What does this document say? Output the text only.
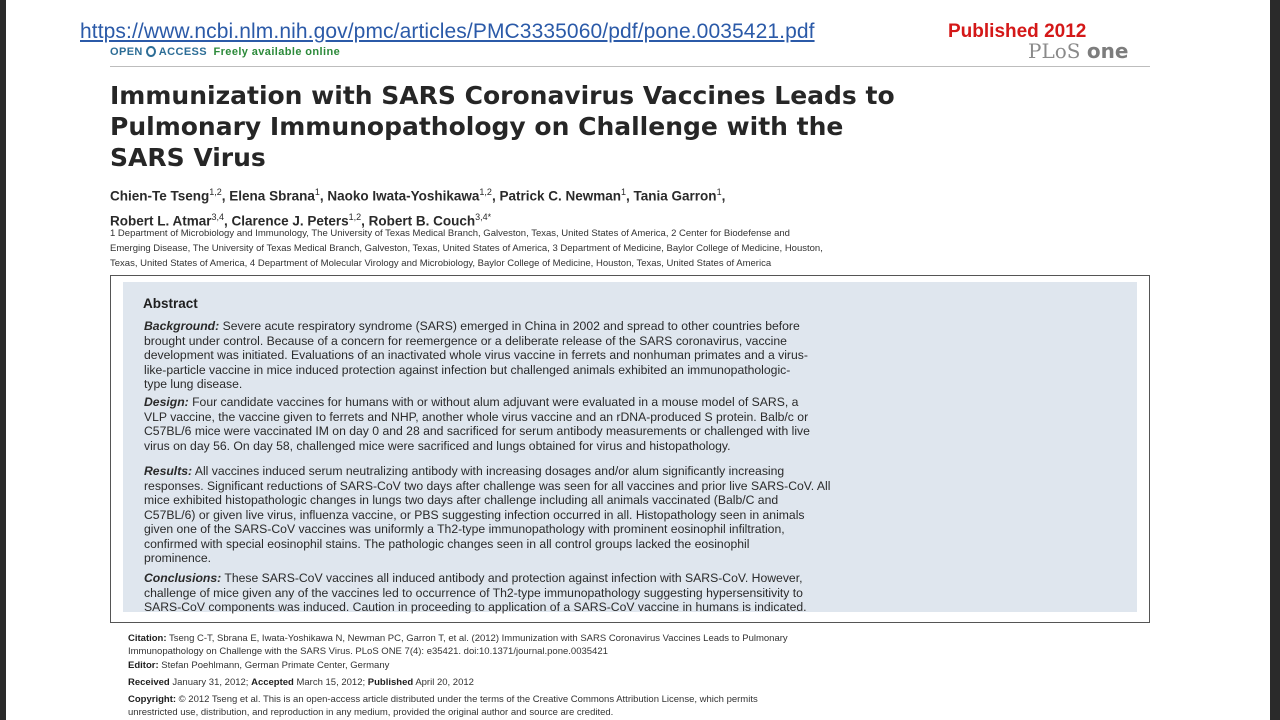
https://www.ncbi.nlm.nih.gov/pmc/articles/PMC3335060/pdf/pone.0035421.pdf	Published 2012
PLoS one
OPEN ACCESS Freely available online
Immunization with SARS Coronavirus Vaccines Leads to
Pulmonary Immunopathology on Challenge with the
SARS Virus
Chien-Te Tseng$^{1,2}$, Elena Sbrana$^1$, Naoko Iwata-Yoshikawa$^{1,2}$, Patrick C. Newman$^1$, Tania Garron$^1$,
Robert L. Atmar$^{3,4}$, Clarence J. Peters$^{1,2}$, Robert B. Couch$^{3,4*}$
1 Department of Microbiology and Immunology, The University of Texas Medical Branch, Galveston, Texas, United States of America, 2 Center for Biodefense and
Emerging Disease, The University of Texas Medical Branch, Galveston, Texas, United States of America, 3 Department of Medicine, Baylor College of Medicine, Houston,
Texas, United States of America, 4 Department of Molecular Virology and Microbiology, Baylor College of Medicine, Houston, Texas, United States of America
Abstract
Background: Severe acute respiratory syndrome (SARS) emerged in China in 2002 and spread to other countries before
brought under control. Because of a concern for reemergence or a deliberate release of the SARS coronavirus, vaccine
development was initiated. Evaluations of an inactivated whole virus vaccine in ferrets and nonhuman primates and a virus-
like-particle vaccine in mice induced protection against infection but challenged animals exhibited an immunopathologic-
type lung disease.
Design: Four candidate vaccines for humans with or without alum adjuvant were evaluated in a mouse model of SARS, a
VLP vaccine, the vaccine given to ferrets and NHP, another whole virus vaccine and an rDNA-produced S protein. Balb/c or
C57BL/6 mice were vaccinated IM on day 0 and 28 and sacrificed for serum antibody measurements or challenged with live
virus on day 56. On day 58, challenged mice were sacrificed and lungs obtained for virus and histopathology.
Results: All vaccines induced serum neutralizing antibody with increasing dosages and/or alum significantly increasing
responses. Significant reductions of SARS-CoV two days after challenge was seen for all vaccines and prior live SARS-CoV. All
mice exhibited histopathologic changes in lungs two days after challenge including all animals vaccinated (Balb/C and
C57BL/6) or given live virus, influenza vaccine, or PBS suggesting infection occurred in all. Histopathology seen in animals
given one of the SARS-CoV vaccines was uniformly a Th2-type immunopathology with prominent eosinophil infiltration,
confirmed with special eosinophil stains. The pathologic changes seen in all control groups lacked the eosinophil
prominence.
Conclusions: These SARS-CoV vaccines all induced antibody and protection against infection with SARS-CoV. However,
challenge of mice given any of the vaccines led to occurrence of Th2-type immunopathology suggesting hypersensitivity to
SARS-CoV components was induced. Caution in proceeding to application of a SARS-CoV vaccine in humans is indicated.
Citation: Tseng C-T, Sbrana E, Iwata-Yoshikawa N, Newman PC, Garron T, et al. (2012) Immunization with SARS Coronavirus Vaccines Leads to Pulmonary
Immunopathology on Challenge with the SARS Virus. PLoS ONE 7(4): e35421. doi:10.1371/journal.pone.0035421
Editor: Stefan Poehlmann, German Primate Center, Germany
Received January 31, 2012; Accepted March 15, 2012; Published April 20, 2012
Copyright: © 2012 Tseng et al. This is an open-access article distributed under the terms of the Creative Commons Attribution License, which permits
unrestricted use, distribution, and reproduction in any medium, provided the original author and source are credited.
